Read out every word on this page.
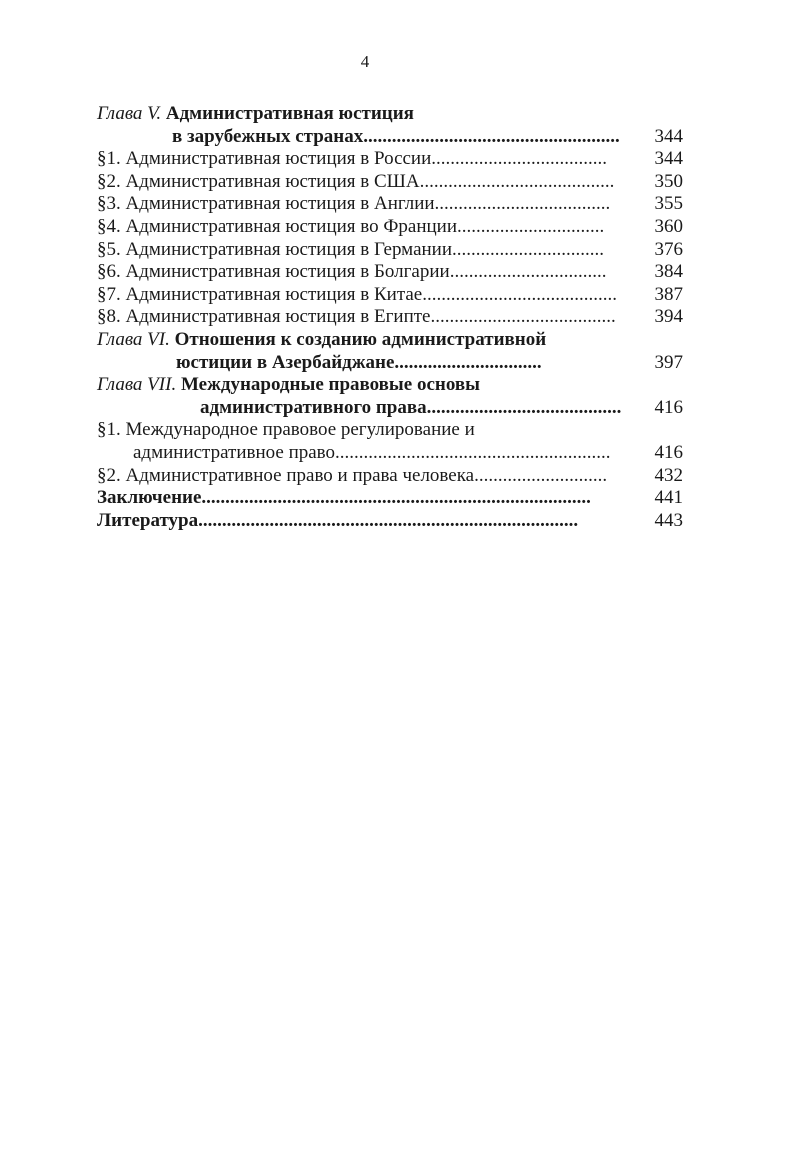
4
Глава V. Административная юстиция
в зарубежных странах...................................................... 344
§1. Административная юстиция в России..................................... 344
§2. Административная юстиция в США......................................... 350
§3. Административная юстиция в Англии..................................... 355
§4. Административная юстиция во Франции...............................	360
§5. Административная юстиция в Германии................................	376
§6. Административная юстиция в Болгарии.................................	384
§7. Административная юстиция в Китае......................................... 387
§8. Административная юстиция в Египте....................................... 394
Глава VI. Отношения к созданию административной
юстиции в Азербайджане...............................	397
Глава VII. Международные правовые основы
административного права......................................... 416
§1. Международное правовое регулирование и
административное право.......................................................... 416
§2. Административное право и права человека............................ 432
Заключение..................................................................................	441
Литература................................................................................	443
